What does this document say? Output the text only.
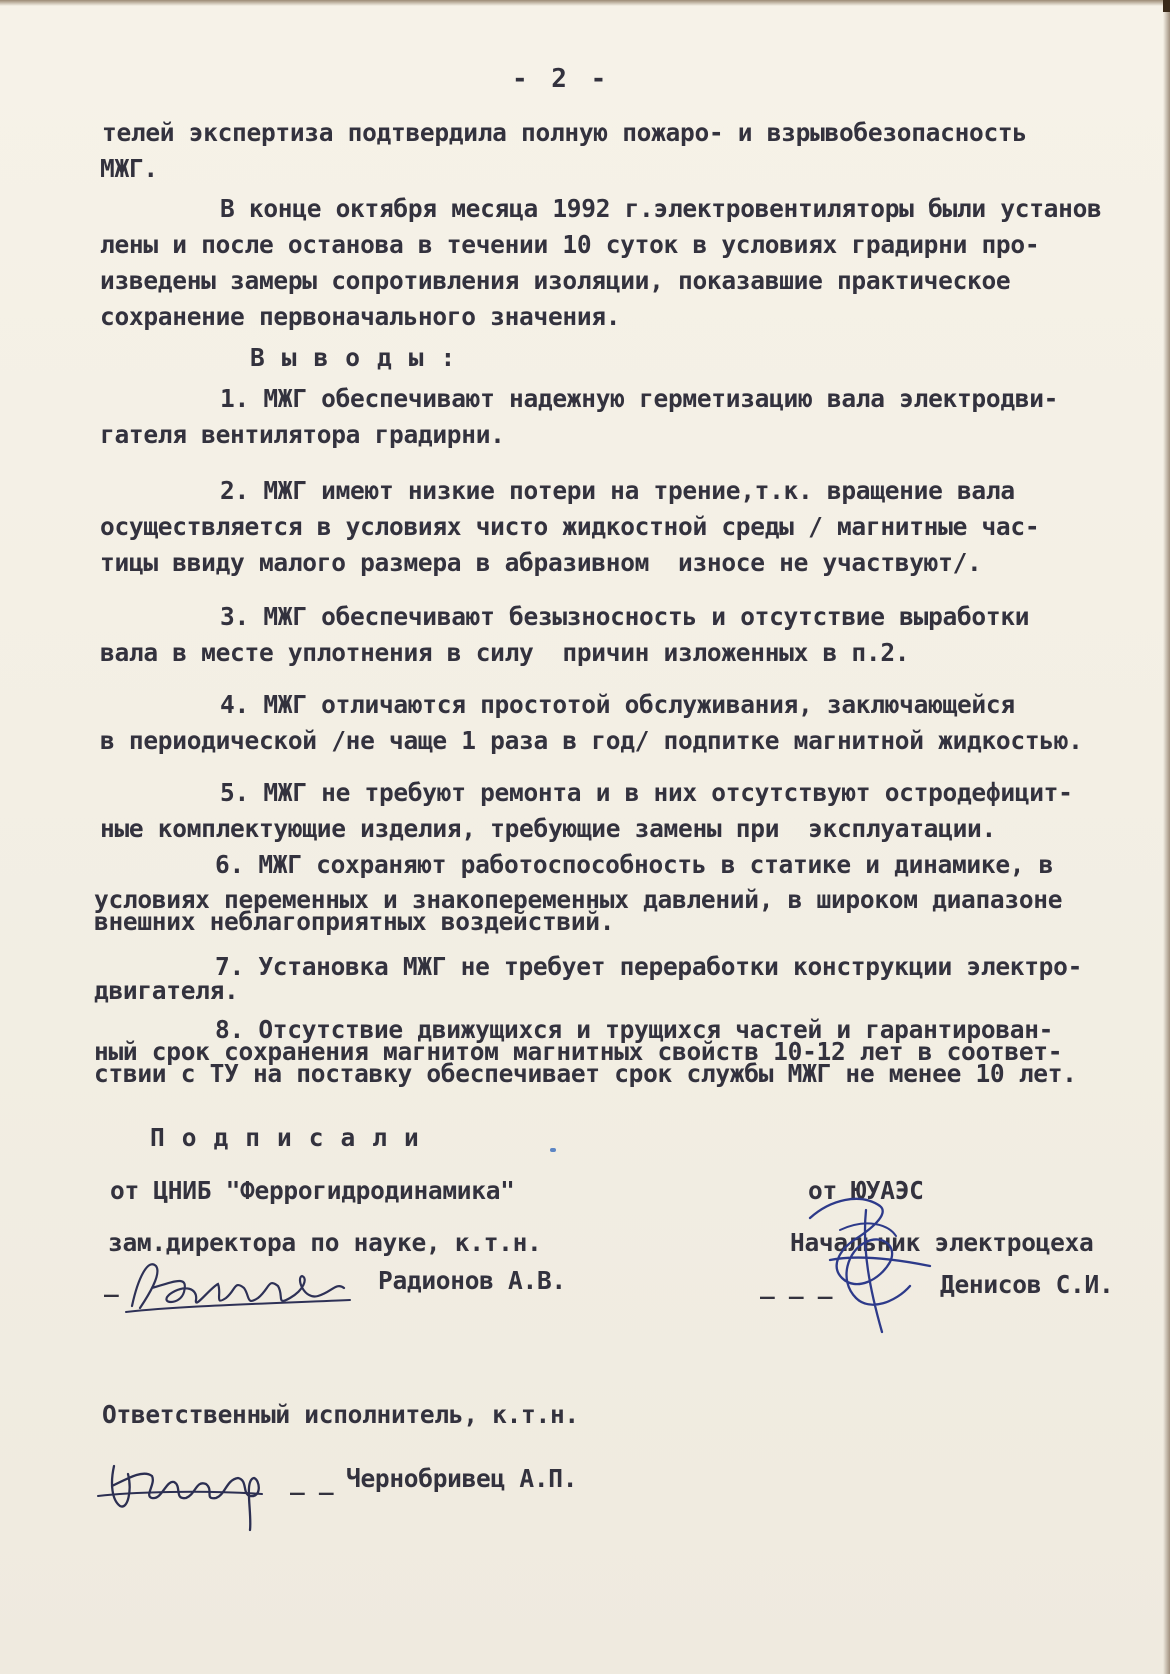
- 2 -
телей экспертиза подтвердила полную пожаро- и взрывобезопасность
МЖГ.
В конце октября месяца 1992 г.электровентиляторы были установ
лены и после останова в течении 10 суток в условиях градирни про-
изведены замеры сопротивления изоляции, показавшие практическое
сохранение первоначального значения.
Выводы:
1. МЖГ обеспечивают надежную герметизацию вала электродви-
гателя вентилятора градирни.
2. МЖГ имеют низкие потери на трение,т.к. вращение вала
осуществляется в условиях чисто жидкостной среды / магнитные час-
тицы ввиду малого размера в абразивном  износе не участвуют/.
3. МЖГ обеспечивают безызносность и отсутствие выработки
вала в месте уплотнения в силу  причин изложенных в п.2.
4. МЖГ отличаются простотой обслуживания, заключающейся
в периодической /не чаще 1 раза в год/ подпитке магнитной жидкостью.
5. МЖГ не требуют ремонта и в них отсутствуют остродефицит-
ные комплектующие изделия, требующие замены при  эксплуатации.
6. МЖГ сохраняют работоспособность в статике и динамике, в
условиях переменных и знакопеременных давлений, в широком диапазоне
внешних неблагоприятных воздействий.
7. Установка МЖГ не требует переработки конструкции электро-
двигателя.
8. Отсутствие движущихся и трущихся частей и гарантирован-
ный срок сохранения магнитом магнитных свойств 10-12 лет в соответ-
ствии с ТУ на поставку обеспечивает срок службы МЖГ не менее 10 лет.
Подписали
от ЦНИБ "Феррогидродинамика"	от ЮУАЭС
зам.директора по науке, к.т.н.	Начальник электроцеха
_	Радионов А.В.	_ _ _	Денисов С.И.
Ответственный исполнитель, к.т.н.
_ _ Чернобривец А.П.
